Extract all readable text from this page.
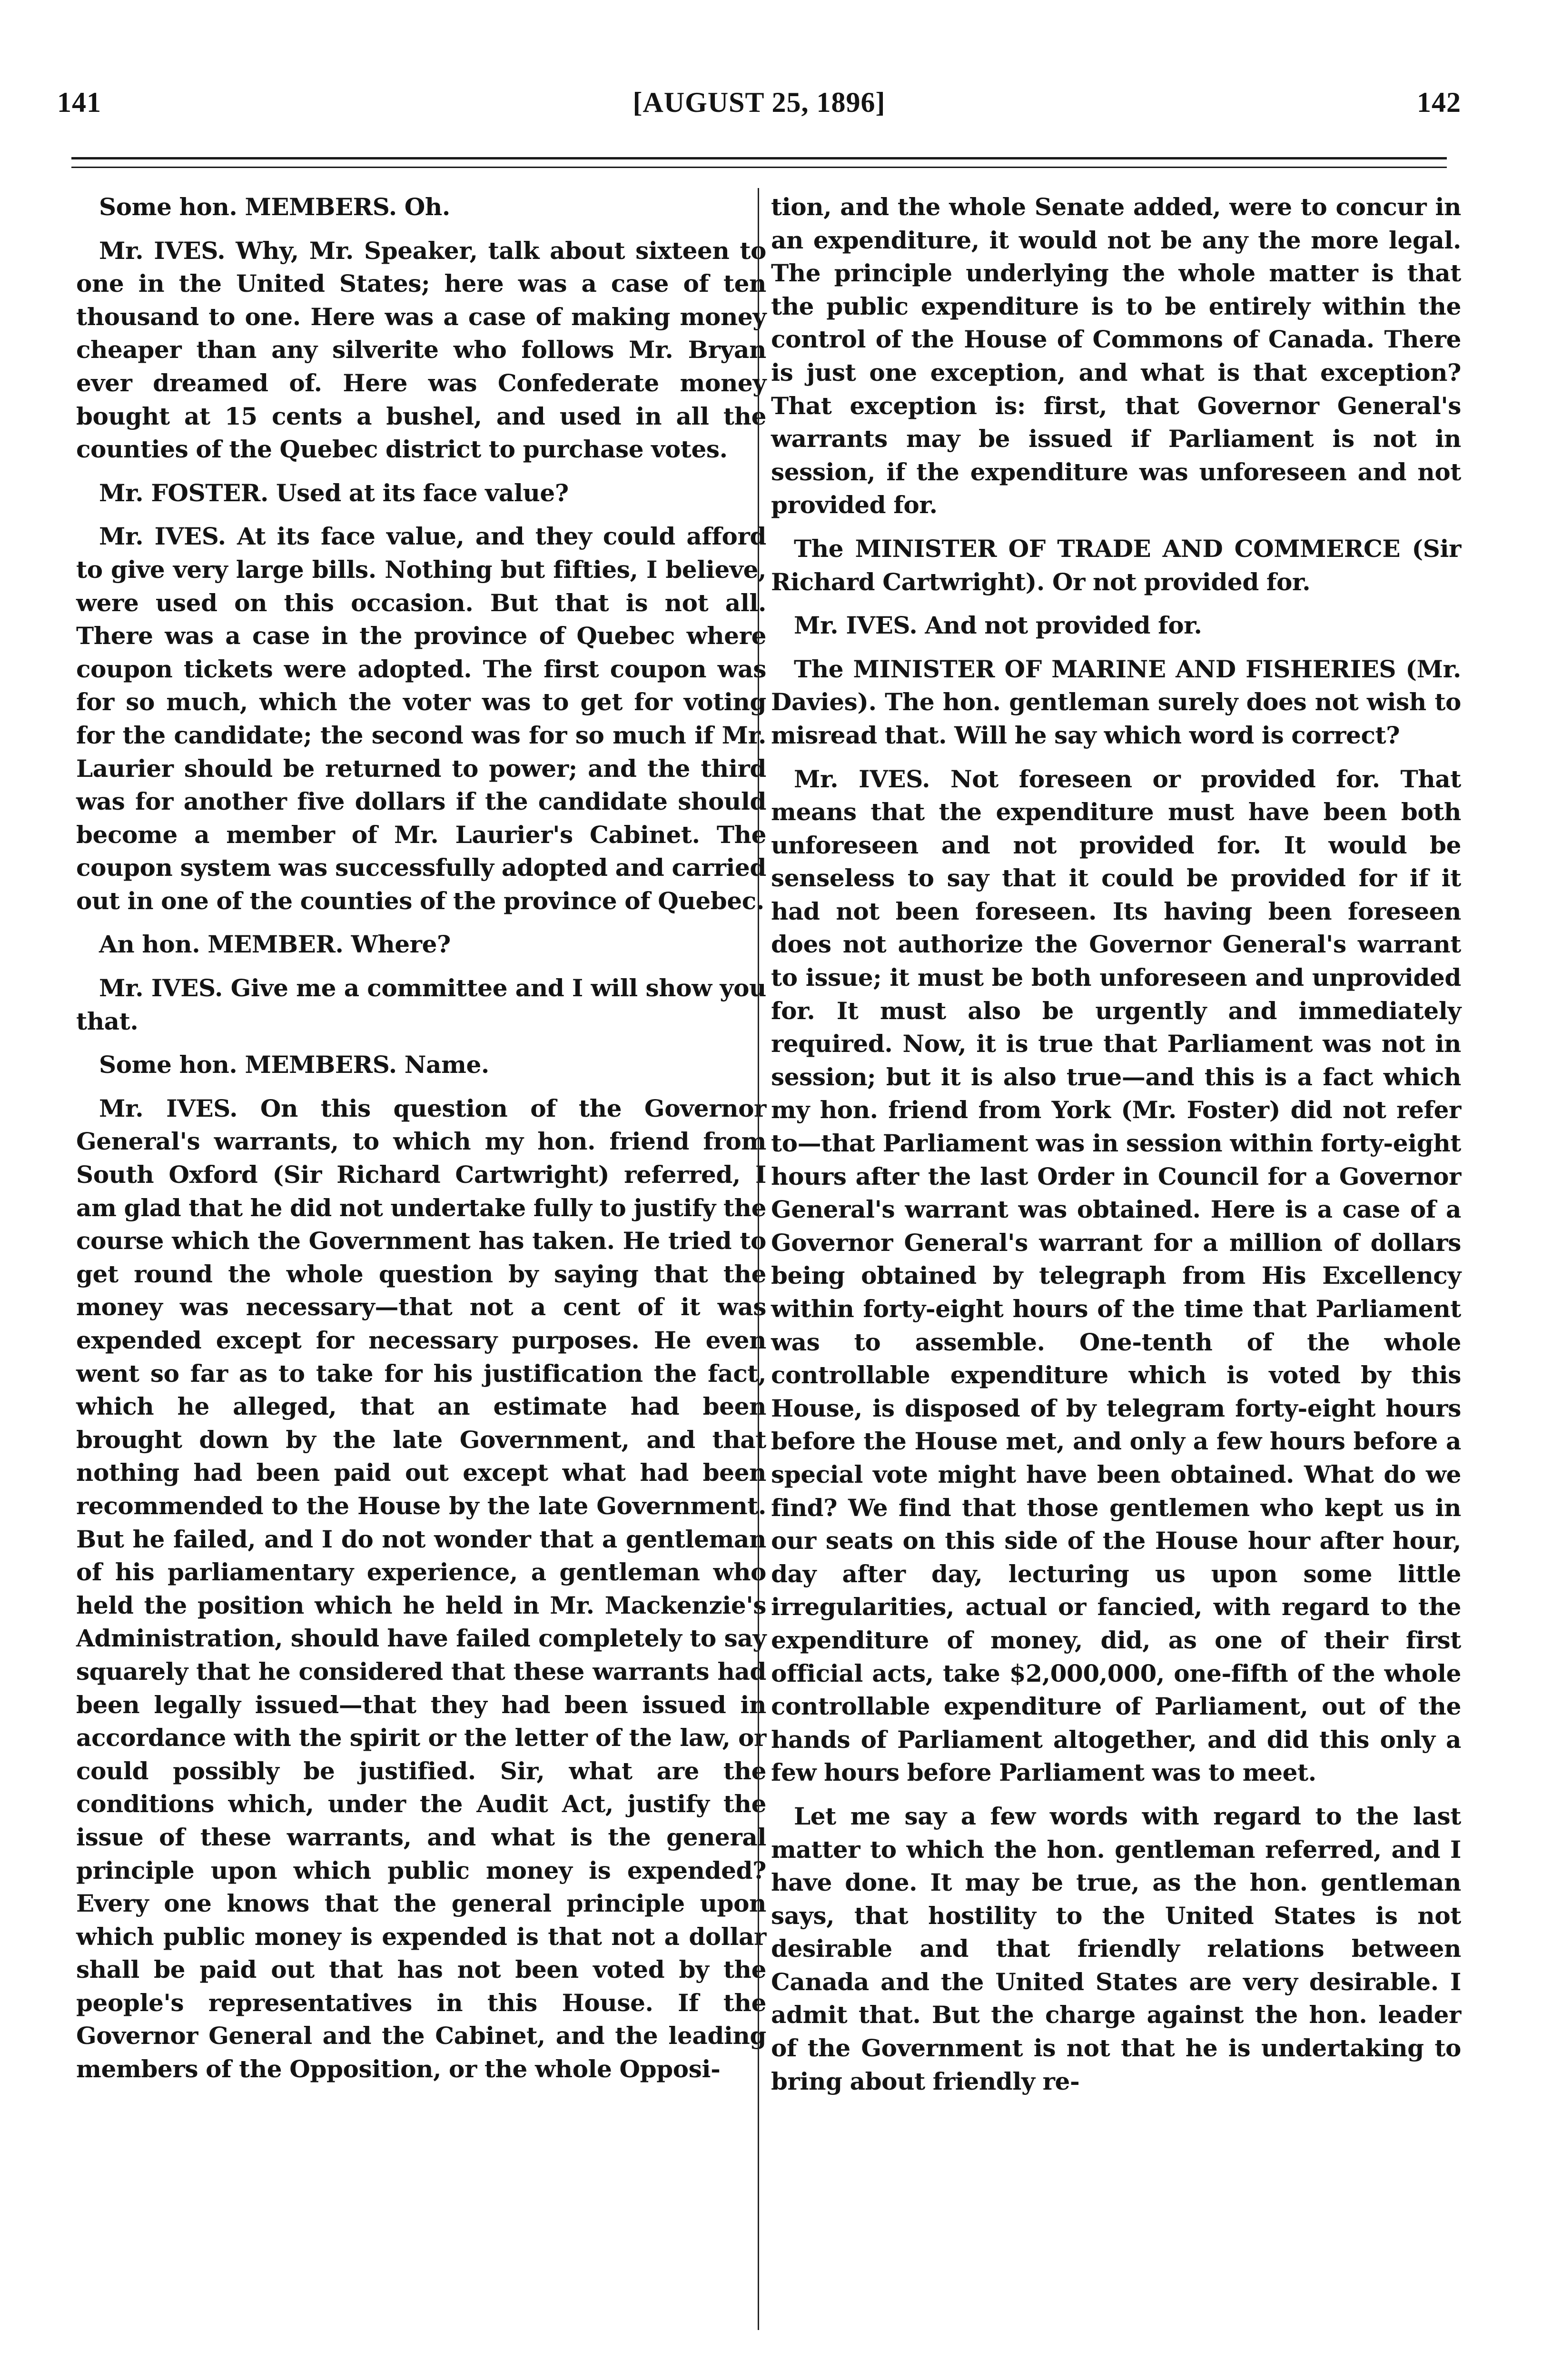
141	[AUGUST 25, 1896]	142

Some hon. MEMBERS. Oh.

Mr. IVES. Why, Mr. Speaker, talk about sixteen to one in the United States; here was a case of ten thousand to one. Here was a case of making money cheaper than any silverite who follows Mr. Bryan ever dreamed of. Here was Confederate money bought at 15 cents a bushel, and used in all the counties of the Quebec district to purchase votes.

Mr. FOSTER. Used at its face value?

Mr. IVES. At its face value, and they could afford to give very large bills. Nothing but fifties, I believe, were used on this occasion. But that is not all. There was a case in the province of Quebec where coupon tickets were adopted. The first coupon was for so much, which the voter was to get for voting for the candidate; the second was for so much if Mr. Laurier should be returned to power; and the third was for another five dollars if the candidate should become a member of Mr. Laurier's Cabinet. The coupon system was successfully adopted and carried out in one of the counties of the province of Quebec.

An hon. MEMBER. Where?

Mr. IVES. Give me a committee and I will show you that.

Some hon. MEMBERS. Name.

Mr. IVES. On this question of the Governor General's warrants, to which my hon. friend from South Oxford (Sir Richard Cartwright) referred, I am glad that he did not undertake fully to justify the course which the Government has taken. He tried to get round the whole question by saying that the money was necessary—that not a cent of it was expended except for necessary purposes. He even went so far as to take for his justification the fact, which he alleged, that an estimate had been brought down by the late Government, and that nothing had been paid out except what had been recommended to the House by the late Government. But he failed, and I do not wonder that a gentleman of his parliamentary experience, a gentleman who held the position which he held in Mr. Mackenzie's Administration, should have failed completely to say squarely that he considered that these warrants had been legally issued—that they had been issued in accordance with the spirit or the letter of the law, or could possibly be justified. Sir, what are the conditions which, under the Audit Act, justify the issue of these warrants, and what is the general principle upon which public money is expended? Every one knows that the general principle upon which public money is expended is that not a dollar shall be paid out that has not been voted by the people's representatives in this House. If the Governor General and the Cabinet, and the leading members of the Opposition, or the whole Opposi-

tion, and the whole Senate added, were to concur in an expenditure, it would not be any the more legal. The principle underlying the whole matter is that the public expenditure is to be entirely within the control of the House of Commons of Canada. There is just one exception, and what is that exception? That exception is: first, that Governor General's warrants may be issued if Parliament is not in session, if the expenditure was unforeseen and not provided for.

The MINISTER OF TRADE AND COMMERCE (Sir Richard Cartwright). Or not provided for.

Mr. IVES. And not provided for.

The MINISTER OF MARINE AND FISHERIES (Mr. Davies). The hon. gentleman surely does not wish to misread that. Will he say which word is correct?

Mr. IVES. Not foreseen or provided for. That means that the expenditure must have been both unforeseen and not provided for. It would be senseless to say that it could be provided for if it had not been foreseen. Its having been foreseen does not authorize the Governor General's warrant to issue; it must be both unforeseen and unprovided for. It must also be urgently and immediately required. Now, it is true that Parliament was not in session; but it is also true—and this is a fact which my hon. friend from York (Mr. Foster) did not refer to—that Parliament was in session within forty-eight hours after the last Order in Council for a Governor General's warrant was obtained. Here is a case of a Governor General's warrant for a million of dollars being obtained by telegraph from His Excellency within forty-eight hours of the time that Parliament was to assemble. One-tenth of the whole controllable expenditure which is voted by this House, is disposed of by telegram forty-eight hours before the House met, and only a few hours before a special vote might have been obtained. What do we find? We find that those gentlemen who kept us in our seats on this side of the House hour after hour, day after day, lecturing us upon some little irregularities, actual or fancied, with regard to the expenditure of money, did, as one of their first official acts, take $2,000,000, one-fifth of the whole controllable expenditure of Parliament, out of the hands of Parliament altogether, and did this only a few hours before Parliament was to meet.

Let me say a few words with regard to the last matter to which the hon. gentleman referred, and I have done. It may be true, as the hon. gentleman says, that hostility to the United States is not desirable and that friendly relations between Canada and the United States are very desirable. I admit that. But the charge against the hon. leader of the Government is not that he is undertaking to bring about friendly re-
